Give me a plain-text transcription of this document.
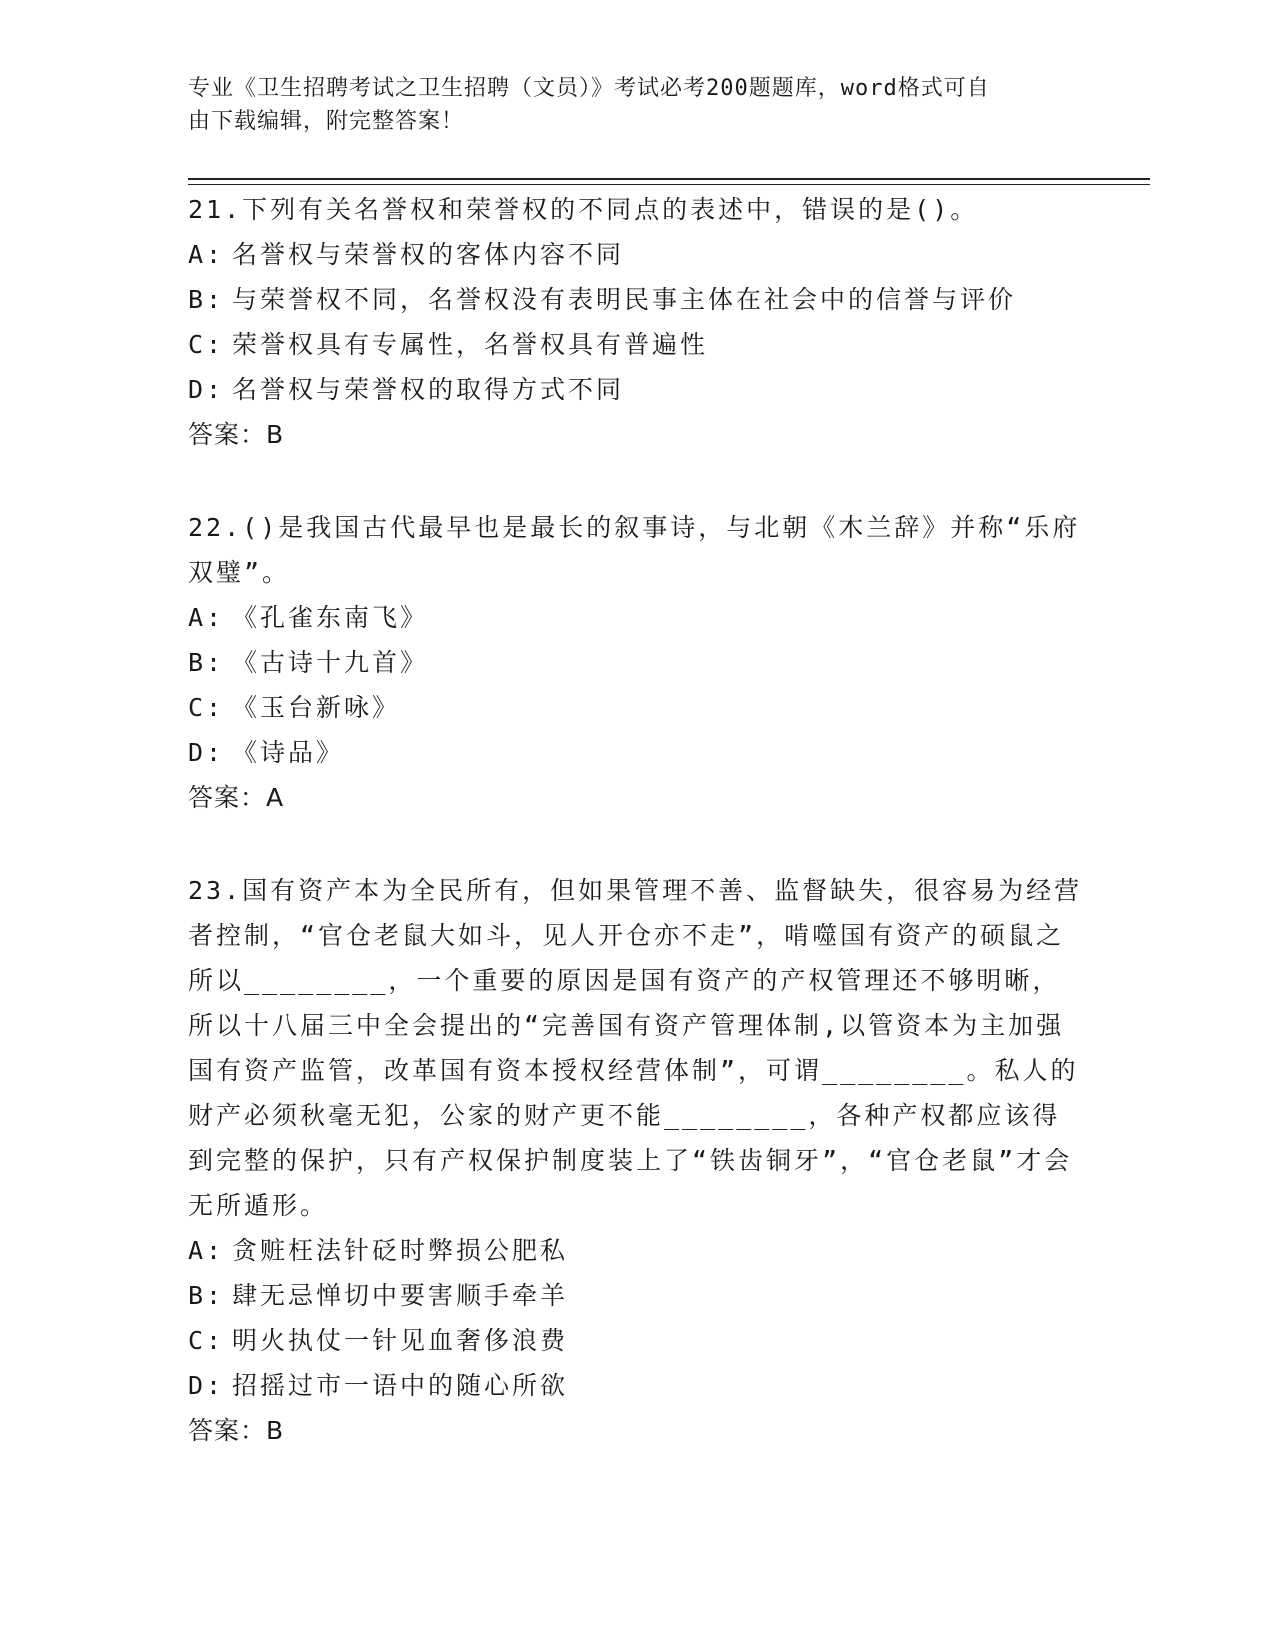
专业《卫生招聘考试之卫生招聘（文员）》考试必考200题题库，word格式可自
由下载编辑，附完整答案！

21.下列有关名誉权和荣誉权的不同点的表述中，错误的是()。

A: 名誉权与荣誉权的客体内容不同

B: 与荣誉权不同，名誉权没有表明民事主体在社会中的信誉与评价

C: 荣誉权具有专属性，名誉权具有普遍性

D: 名誉权与荣誉权的取得方式不同

答案：B

22.()是我国古代最早也是最长的叙事诗，与北朝《木兰辞》并称“乐府双璧”。

A: 《孔雀东南飞》

B: 《古诗十九首》

C: 《玉台新咏》

D: 《诗品》

答案：A

23.国有资产本为全民所有，但如果管理不善、监督缺失，很容易为经营者控制，“官仓老鼠大如斗，见人开仓亦不走”，啃噬国有资产的硕鼠之所以________，一个重要的原因是国有资产的产权管理还不够明晰，所以十八届三中全会提出的“完善国有资产管理体制,以管资本为主加强国有资产监管，改革国有资本授权经营体制”，可谓________。私人的财产必须秋毫无犯，公家的财产更不能________，各种产权都应该得到完整的保护，只有产权保护制度装上了“铁齿铜牙”，“官仓老鼠”才会无所遁形。

A: 贪赃枉法针砭时弊损公肥私

B: 肆无忌惮切中要害顺手牵羊

C: 明火执仗一针见血奢侈浪费

D: 招摇过市一语中的随心所欲

答案：B
